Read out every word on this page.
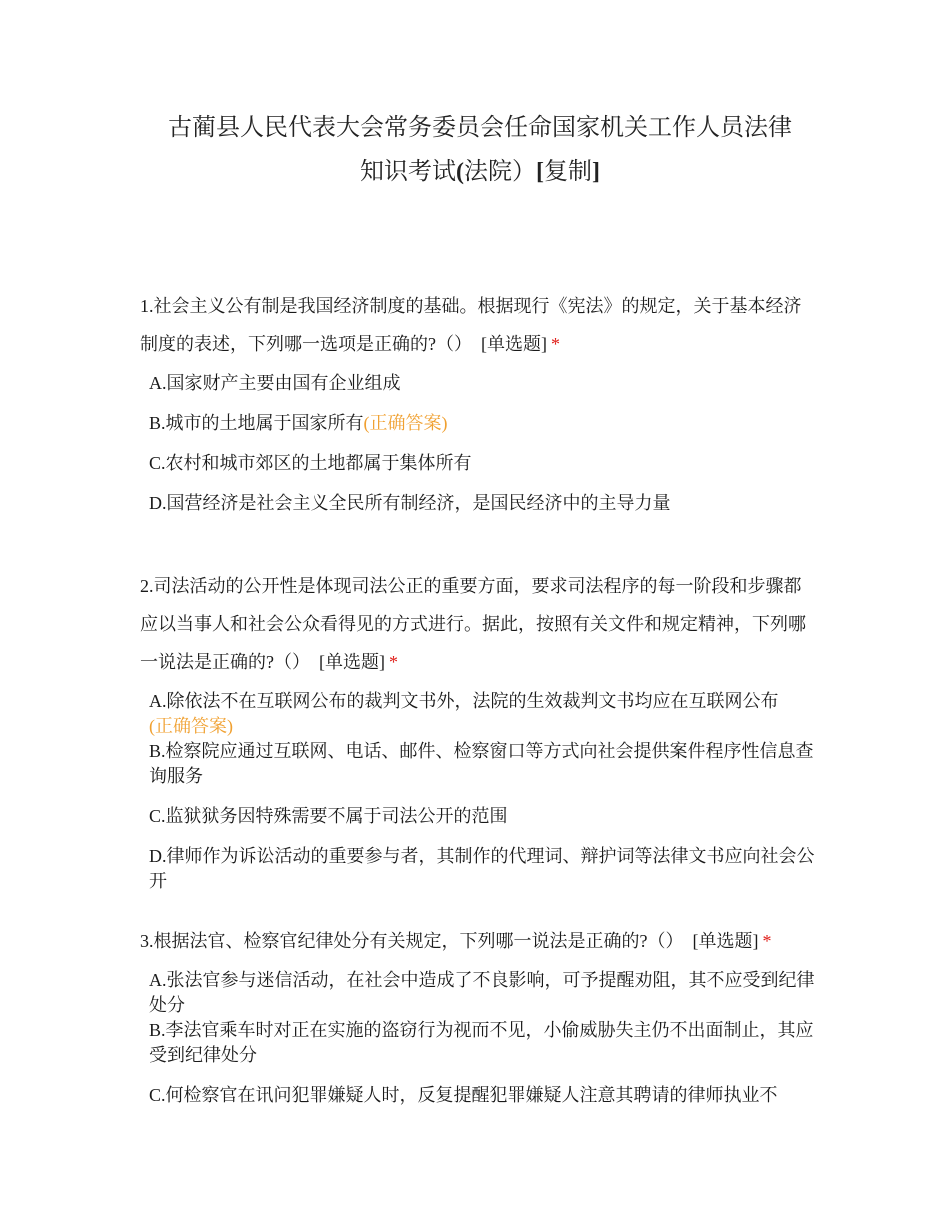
古蔺县人民代表大会常务委员会任命国家机关工作人员法律
知识考试(法院）[复制]

1.社会主义公有制是我国经济制度的基础。根据现行《宪法》的规定，关于基本经济制度的表述，下列哪一选项是正确的?（） [单选题] *

A.国家财产主要由国有企业组成
B.城市的土地属于国家所有(正确答案)
C.农村和城市郊区的土地都属于集体所有
D.国营经济是社会主义全民所有制经济，是国民经济中的主导力量

2.司法活动的公开性是体现司法公正的重要方面，要求司法程序的每一阶段和步骤都应以当事人和社会公众看得见的方式进行。据此，按照有关文件和规定精神，下列哪一说法是正确的?（） [单选题] *

A.除依法不在互联网公布的裁判文书外，法院的生效裁判文书均应在互联网公布
(正确答案)
B.检察院应通过互联网、电话、邮件、检察窗口等方式向社会提供案件程序性信息查询服务
C.监狱狱务因特殊需要不属于司法公开的范围
D.律师作为诉讼活动的重要参与者，其制作的代理词、辩护词等法律文书应向社会公开

3.根据法官、检察官纪律处分有关规定，下列哪一说法是正确的?（） [单选题] *

A.张法官参与迷信活动，在社会中造成了不良影响，可予提醒劝阻，其不应受到纪律处分
B.李法官乘车时对正在实施的盗窃行为视而不见，小偷威胁失主仍不出面制止，其应受到纪律处分
C.何检察官在讯问犯罪嫌疑人时，反复提醒犯罪嫌疑人注意其聘请的律师执业不
